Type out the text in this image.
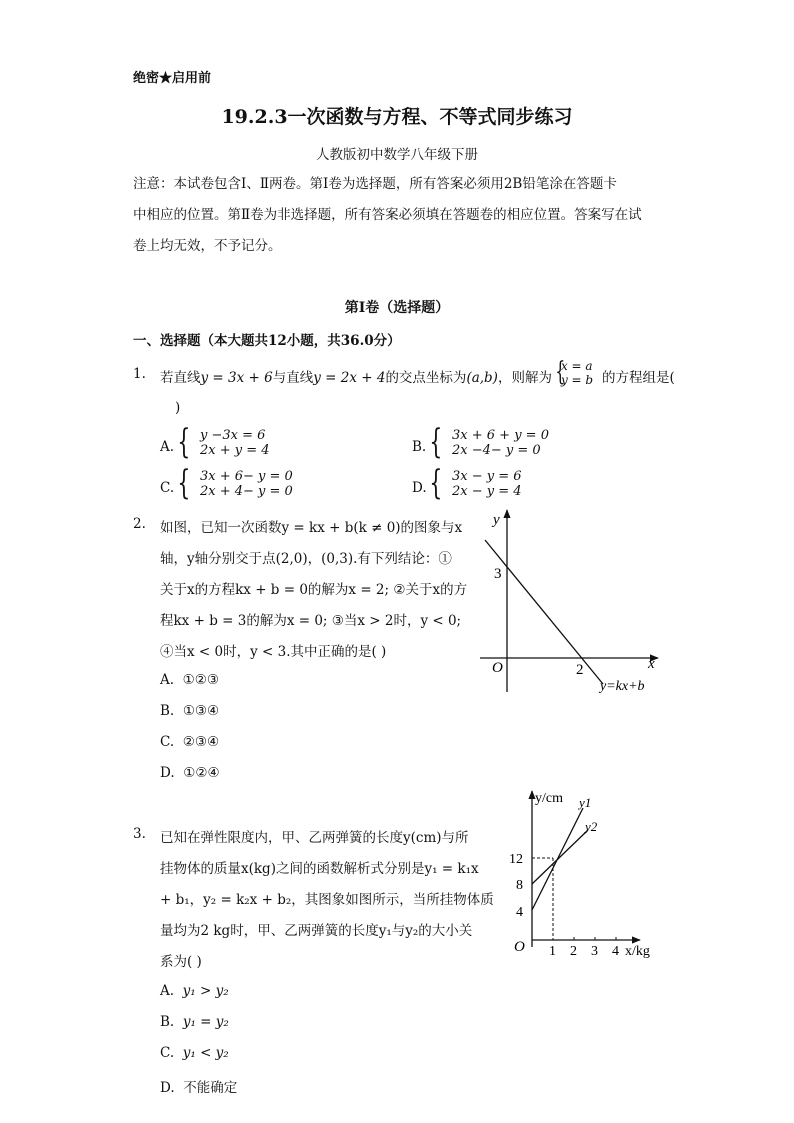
绝密★启用前
19.2.3一次函数与方程、不等式同步练习
人教版初中数学八年级下册
注意：本试卷包含Ⅰ、Ⅱ两卷。第Ⅰ卷为选择题，所有答案必须用2B铅笔涂在答题卡
中相应的位置。第Ⅱ卷为非选择题，所有答案必须填在答题卷的相应位置。答案写在试
卷上均无效，不予记分。
第Ⅰ卷（选择题）
一、选择题（本大题共12小题，共36.0分）
1. 若直线y = 3x + 6与直线y = 2x + 4的交点坐标为(a,b)，则解为 {
x = a
y = b 的方程组是(
)
A. { y −3x = 6
2x + y = 4	B. { 3x + 6 + y = 0
2x −4− y = 0
C. { 3x + 6− y = 0
2x + 4− y = 0	D. { 3x − y = 6
2x − y = 4
2. 如图，已知一次函数y = kx + b(k ≠ 0)的图象与x
轴，y轴分别交于点(2,0)，(0,3).有下列结论：①
关于x的方程kx + b = 0的解为x = 2; ②关于x的方
程kx + b = 3的解为x = 0; ③当x > 2时，y < 0;
④当x < 0时，y < 3.其中正确的是( )
A. ①②③
B. ①③④
C. ②③④
D. ①②④
y
x
O
3
2
y=kx+b
3. 已知在弹性限度内，甲、乙两弹簧的长度y(cm)与所
挂物体的质量x(kg)之间的函数解析式分别是y₁ = k₁x
+ b₁，y₂ = k₂x + b₂，其图象如图所示，当所挂物体质
量均为2 kg时，甲、乙两弹簧的长度y₁与y₂的大小关
系为( )
A. y₁ > y₂
B. y₁ = y₂
C. y₁ < y₂
D. 不能确定
y/cm
x/kg
O
y1
y2
4
8
12
1 2 3 4
